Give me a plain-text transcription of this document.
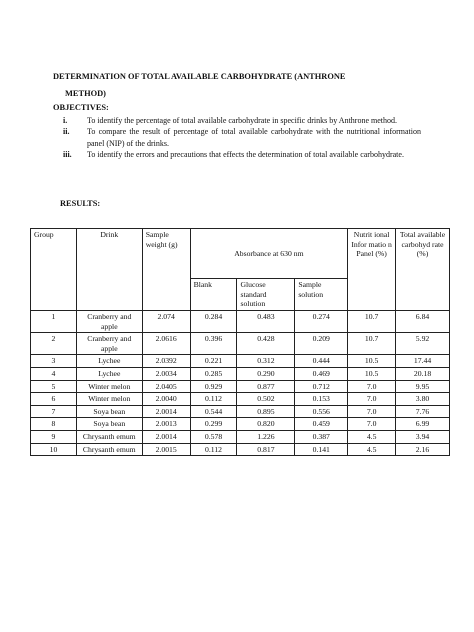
DETERMINATION OF TOTAL AVAILABLE CARBOHYDRATE (ANTHRONE
METHOD)
OBJECTIVES:
i. To identify the percentage of total available carbohydrate in specific drinks by Anthrone method.
ii. To compare the result of percentage of total available carbohydrate with the nutritional information panel (NIP) of the drinks.
iii. To identify the errors and precautions that effects the determination of total available carbohydrate.
RESULTS:
Group	Drink	Sample weight (g)	Absorbance at 630 nm			Nutrit ional Infor matio n Panel (%)	Total available carbohyd rate (%)
			Blank	Glucose standard solution	Sample solution		
1	Cranberry and apple	2.074	0.284	0.483	0.274	10.7	6.84
2	Cranberry and apple	2.0616	0.396	0.428	0.209	10.7	5.92
3	Lychee	2.0392	0.221	0.312	0.444	10.5	17.44
4	Lychee	2.0034	0.285	0.290	0.469	10.5	20.18
5	Winter melon	2.0405	0.929	0.877	0.712	7.0	9.95
6	Winter melon	2.0040	0.112	0.502	0.153	7.0	3.80
7	Soya bean	2.0014	0.544	0.895	0.556	7.0	7.76
8	Soya bean	2.0013	0.299	0.820	0.459	7.0	6.99
9	Chrysanth emum	2.0014	0.578	1.226	0.387	4.5	3.94
10	Chrysanth emum	2.0015	0.112	0.817	0.141	4.5	2.16
